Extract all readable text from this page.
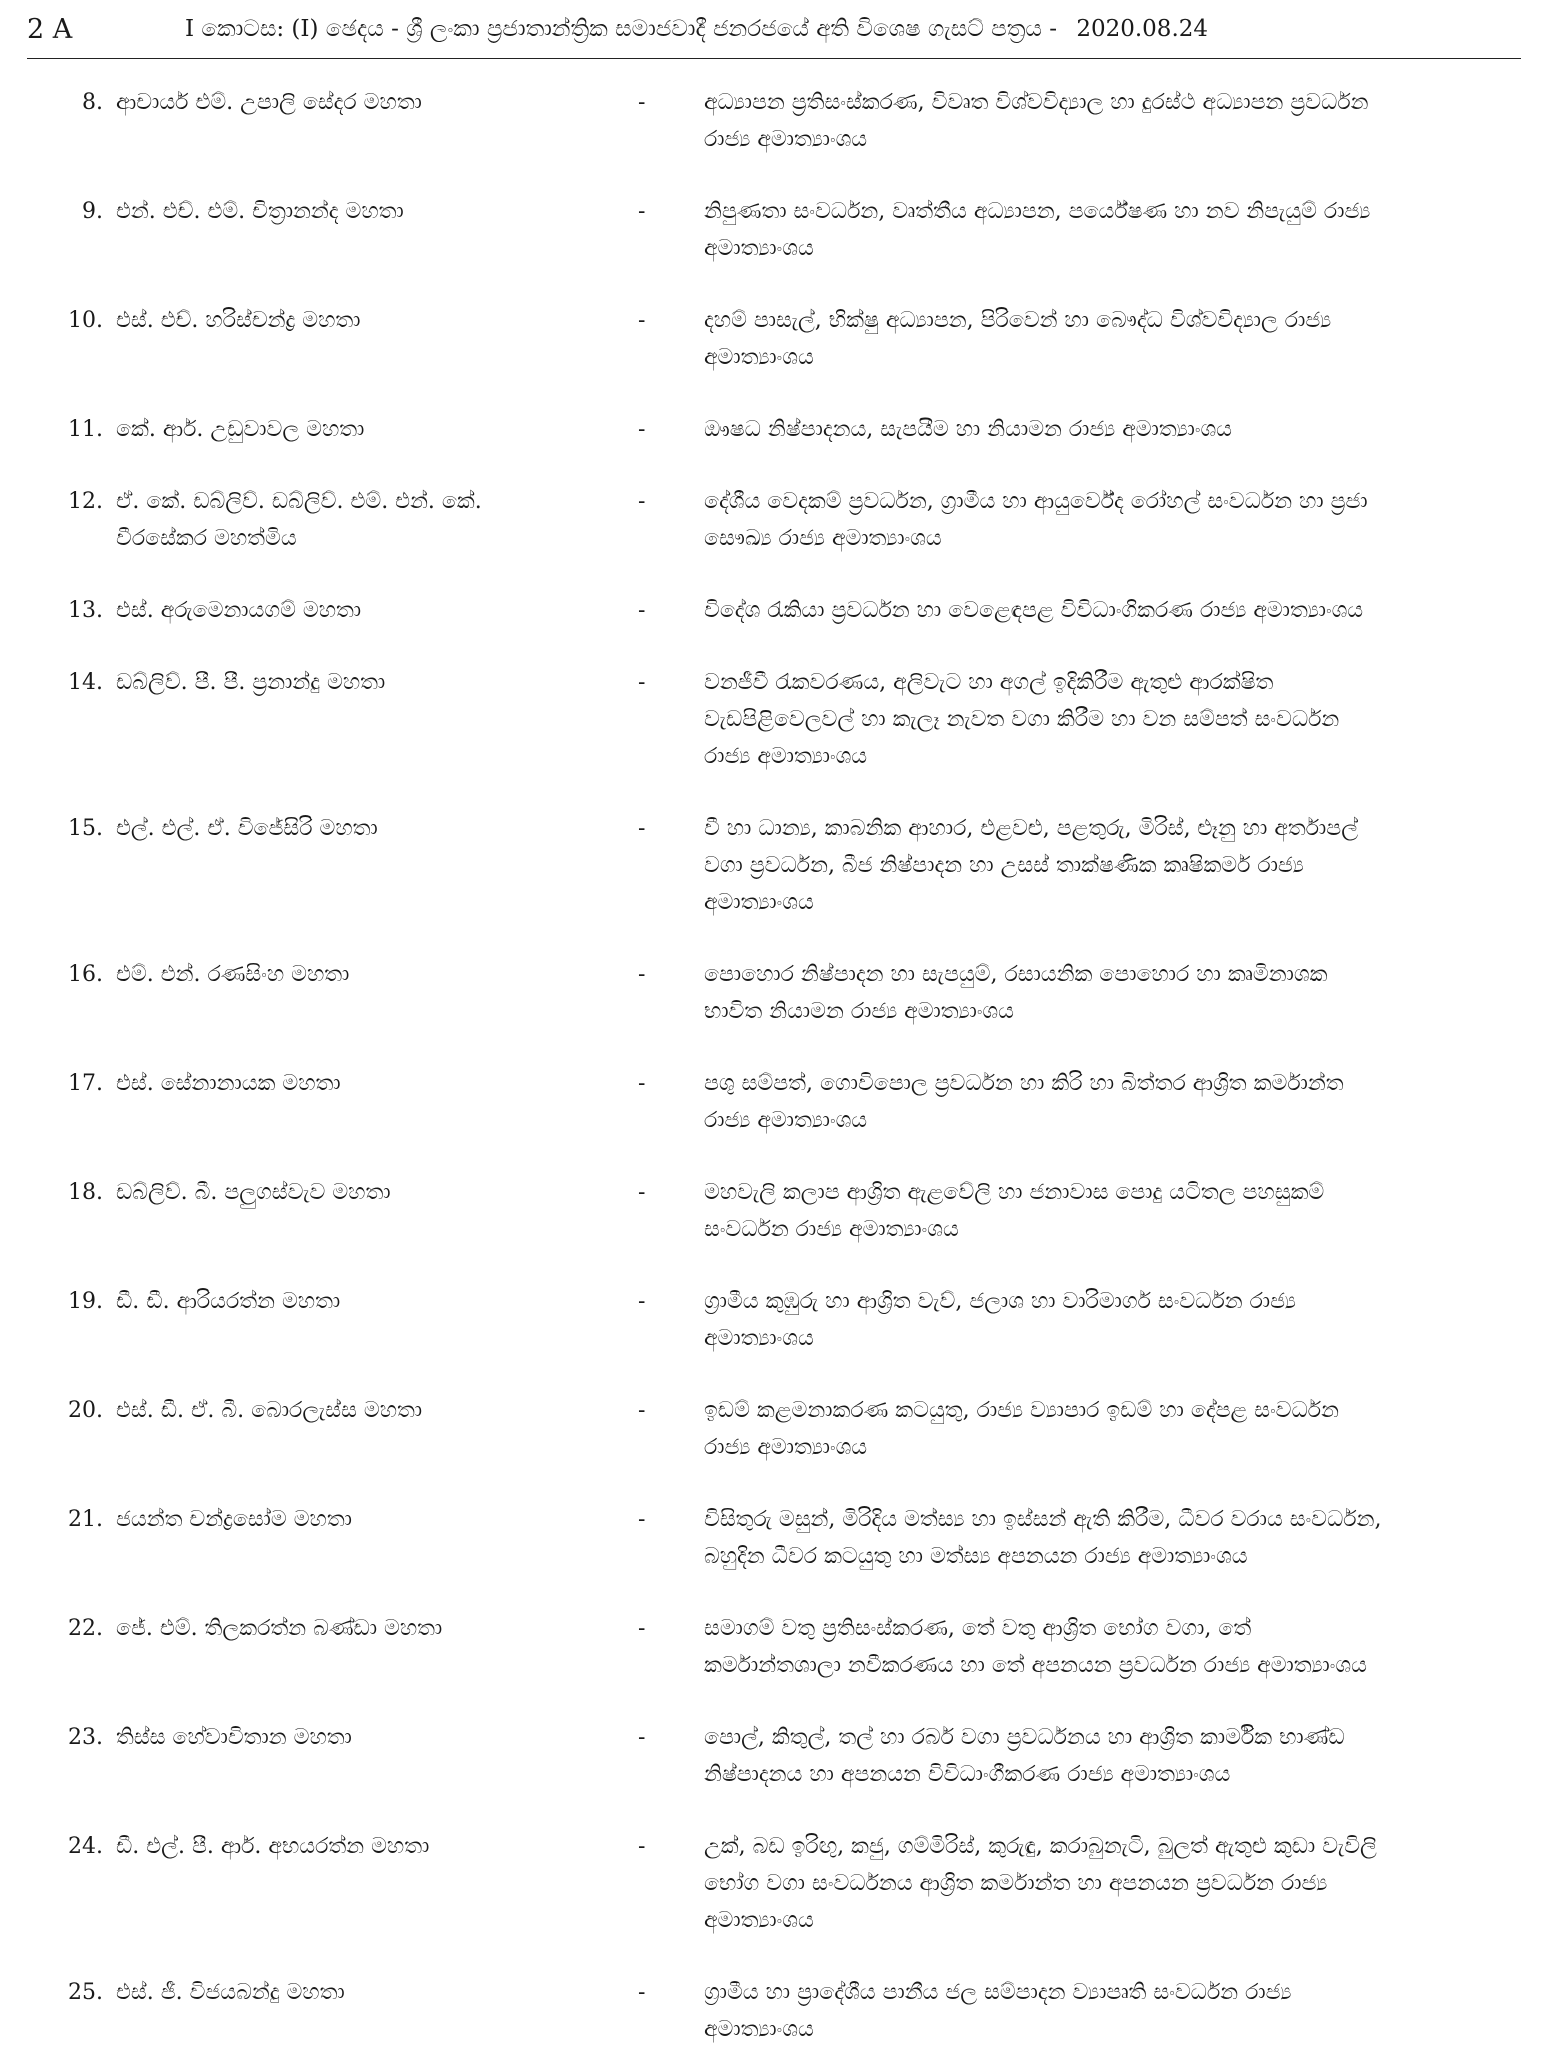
2 A	I කොටස: (I) ඡෙදය - ශ්‍රී ලංකා ප්‍රජාතාන්ත්‍රික සමාජවාදී ජනරජයේ අති විශෙෂ ගැසට් පත්‍රය - 2020.08.24
8. ආචාර්ය එම්. උපාලි සේදර මහතා	-	අධ්‍යාපන ප්‍රතිසංස්කරණ, විවෘත විශ්වවිද්‍යාල හා දුරස්ථ අධ්‍යාපන ප්‍රවර්ධන
රාජ්‍ය අමාත්‍යාංශය
9. එන්. එච්. එම්. චිත්‍රානන්ද මහතා	-	නිපුණතා සංවර්ධන, වෘත්තීය අධ්‍යාපන, පර්යේෂණ හා නව නිපැයුම් රාජ්‍ය
අමාත්‍යාංශය
10. එස්. එච්. හරිස්චන්ද්‍ර මහතා	-	දහම් පාසැල්, භික්ෂු අධ්‍යාපන, පිරිවෙන් හා බෞද්ධ විශ්වවිද්‍යාල රාජ්‍ය
අමාත්‍යාංශය
11. කේ. ආර්. උඩුවාවල මහතා	-	ඖෂධ නිෂ්පාදනය, සැපයීම හා නියාමන රාජ්‍ය අමාත්‍යාංශය
12. ඒ. කේ. ඩබ්ලිව්. ඩබ්ලිව්. එම්. එන්. කේ.
වීරසේකර මහත්මිය
-	දේශීය වෙදකම් ප්‍රවර්ධන, ග්‍රාමීය හා ආයුර්වේද රෝහල් සංවර්ධන හා ප්‍රජා
සෞඛ්‍ය රාජ්‍ය අමාත්‍යාංශය
13. එස්. අරුමෙනායගම් මහතා	-	විදේශ රැකියා ප්‍රවර්ධන හා වෙළෙඳපළ විවිධාංගිකරණ රාජ්‍ය අමාත්‍යාංශය
14. ඩබ්ලිව්. පී. පී. ප්‍රනාන්දු මහතා	-	වනජීවී රැකවරණය, අලිවැට හා අගල් ඉදිකිරීම ඇතුළු ආරක්ෂිත
වැඩපිළිවෙලවල් හා කැලෑ නැවත වගා කිරීම හා වන සම්පත් සංවර්ධන
රාජ්‍ය අමාත්‍යාංශය
15. එල්. එල්. ඒ. විජේසිරි මහතා	-	වී හා ධාන්‍ය, කාබනික ආහාර, එළවළු, පළතුරු, මිරිස්, ළූනු හා අර්තාපල්
වගා ප්‍රවර්ධන, බීජ නිෂ්පාදන හා උසස් තාක්ෂණික කෘෂිකර්ම රාජ්‍ය
අමාත්‍යාංශය
16. එම්. එන්. රණසිංහ මහතා	-	පොහොර නිෂ්පාදන හා සැපයුම්, රසායනික පොහොර හා කෘමිනාශක
භාවිත නියාමන රාජ්‍ය අමාත්‍යාංශය
17. එස්. සේනානායක මහතා	-	පශු සම්පත්, ගොවිපොල ප්‍රවර්ධන හා කිරි හා බිත්තර ආශ්‍රිත කර්මාන්ත
රාජ්‍ය අමාත්‍යාංශය
18. ඩබ්ලිව්. බී. පලුගස්වැව මහතා	-	මහවැලි කලාප ආශ්‍රිත ඇළවේලි හා ජනාවාස පොදු යටිතල පහසුකම්
සංවර්ධන රාජ්‍ය අමාත්‍යාංශය
19. ඩී. ඩී. ආරියරත්න මහතා	-	ග්‍රාමීය කුඹුරු හා ආශ්‍රිත වැව්, ජලාශ හා වාරිමාර්ග සංවර්ධන රාජ්‍ය
අමාත්‍යාංශය
20. එස්. ඩී. ඒ. බී. බොරලැස්ස මහතා	-	ඉඩම් කළමනාකරණ කටයුතු, රාජ්‍ය ව්‍යාපාර ඉඩම් හා දේපළ සංවර්ධන
රාජ්‍ය අමාත්‍යාංශය
21. ජයන්ත චන්ද්‍රසෝම මහතා	-	විසිතුරු මසුන්, මිරිදිය මත්ස්‍ය හා ඉස්සන් ඇති කිරීම, ධීවර වරාය සංවර්ධන,
බහුදින ධීවර කටයුතු හා මත්ස්‍ය අපනයන රාජ්‍ය අමාත්‍යාංශය
22. ජේ. එම්. තිලකරත්න බණ්ඩා මහතා	-	සමාගම් වතු ප්‍රතිසංස්කරණ, තේ වතු ආශ්‍රිත භෝග වගා, තේ
කර්මාන්තශාලා නවීකරණය හා තේ අපනයන ප්‍රවර්ධන රාජ්‍ය අමාත්‍යාංශය
23. තිස්ස හේවාවිතාන මහතා	-	පොල්, කිතුල්, තල් හා රබර් වගා ප්‍රවර්ධනය හා ආශ්‍රිත කාර්මික භාණ්ඩ
නිෂ්පාදනය හා අපනයන විවිධාංගීකරණ රාජ්‍ය අමාත්‍යාංශය
24. ඩී. එල්. පී. ආර්. අභයරත්න මහතා	-	උක්, බඩ ඉරිඟු, කජු, ගම්මිරිස්, කුරුඳු, කරාබුනැටි, බුලත් ඇතුළු කුඩා වැවිලි
භෝග වගා සංවර්ධනය ආශ්‍රිත කර්මාන්ත හා අපනයන ප්‍රවර්ධන රාජ්‍ය
අමාත්‍යාංශය
25. එස්. ජී. විජයබන්දු මහතා	-	ග්‍රාමීය හා ප්‍රාදේශීය පානීය ජල සම්පාදන ව්‍යාපෘති සංවර්ධන රාජ්‍ය
අමාත්‍යාංශය
